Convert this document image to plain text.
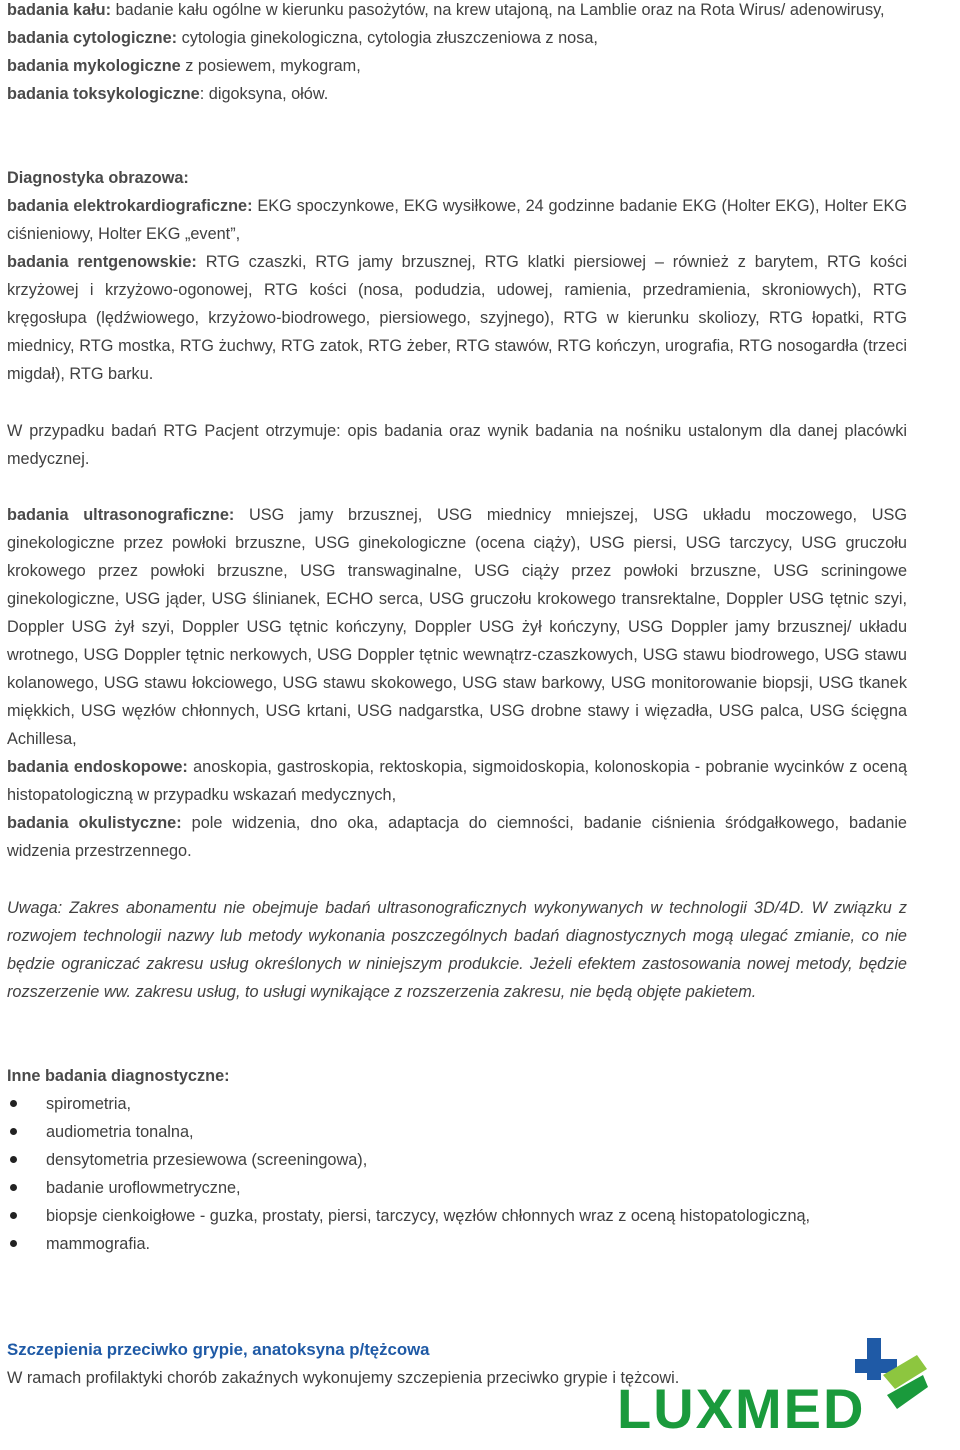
badania kału: badanie kału ogólne w kierunku pasożytów, na krew utajoną, na Lamblie oraz na Rota Wirus/ adenowirusy,

badania cytologiczne: cytologia ginekologiczna, cytologia złuszczeniowa z nosa,

badania mykologiczne z posiewem, mykogram,

badania toksykologiczne: digoksyna, ołów.

Diagnostyka obrazowa:

badania elektrokardiograficzne: EKG spoczynkowe, EKG wysiłkowe, 24 godzinne badanie EKG (Holter EKG), Holter EKG ciśnieniowy, Holter EKG „event”,

badania rentgenowskie: RTG czaszki, RTG jamy brzusznej, RTG klatki piersiowej – również z barytem, RTG kości krzyżowej i krzyżowo-ogonowej, RTG kości (nosa, podudzia, udowej, ramienia, przedramienia, skroniowych), RTG kręgosłupa (lędźwiowego, krzyżowo-biodrowego, piersiowego, szyjnego), RTG w kierunku skoliozy, RTG łopatki, RTG miednicy, RTG mostka, RTG żuchwy, RTG zatok, RTG żeber, RTG stawów, RTG kończyn, urografia, RTG nosogardła (trzeci migdał), RTG barku.

W przypadku badań RTG Pacjent otrzymuje: opis badania oraz wynik badania na nośniku ustalonym dla danej placówki medycznej.

badania ultrasonograficzne: USG jamy brzusznej, USG miednicy mniejszej, USG układu moczowego, USG ginekologiczne przez powłoki brzuszne, USG ginekologiczne (ocena ciąży), USG piersi, USG tarczycy, USG gruczołu krokowego przez powłoki brzuszne, USG transwaginalne, USG ciąży przez powłoki brzuszne, USG scriningowe ginekologiczne, USG jąder, USG ślinianek, ECHO serca, USG gruczołu krokowego transrektalne, Doppler USG tętnic szyi, Doppler USG żył szyi, Doppler USG tętnic kończyny, Doppler USG żył kończyny, USG Doppler jamy brzusznej/ układu wrotnego, USG Doppler tętnic nerkowych, USG Doppler tętnic wewnątrz-czaszkowych, USG stawu biodrowego, USG stawu kolanowego, USG stawu łokciowego, USG stawu skokowego, USG staw barkowy, USG monitorowanie biopsji, USG tkanek miękkich, USG węzłów chłonnych, USG krtani, USG nadgarstka, USG drobne stawy i więzadła, USG palca, USG ścięgna Achillesa,

badania endoskopowe: anoskopia, gastroskopia, rektoskopia, sigmoidoskopia, kolonoskopia - pobranie wycinków z oceną histopatologiczną w przypadku wskazań medycznych,

badania okulistyczne: pole widzenia, dno oka, adaptacja do ciemności, badanie ciśnienia śródgałkowego, badanie widzenia przestrzennego.

Uwaga: Zakres abonamentu nie obejmuje badań ultrasonograficznych wykonywanych w technologii 3D/4D. W związku z rozwojem technologii nazwy lub metody wykonania poszczególnych badań diagnostycznych mogą ulegać zmianie, co nie będzie ograniczać zakresu usług określonych w niniejszym produkcie. Jeżeli efektem zastosowania nowej metody, będzie rozszerzenie ww. zakresu usług, to usługi wynikające z rozszerzenia zakresu, nie będą objęte pakietem.

Inne badania diagnostyczne:

spirometria,
audiometria tonalna,
densytometria przesiewowa (screeningowa),
badanie uroflowmetryczne,
biopsje cienkoigłowe - guzka, prostaty, piersi, tarczycy, węzłów chłonnych wraz z oceną histopatologiczną,
mammografia.

Szczepienia przeciwko grypie, anatoksyna p/tężcowa

W ramach profilaktyki chorób zakaźnych wykonujemy szczepienia przeciwko grypie i tężcowi.

LUXMED
